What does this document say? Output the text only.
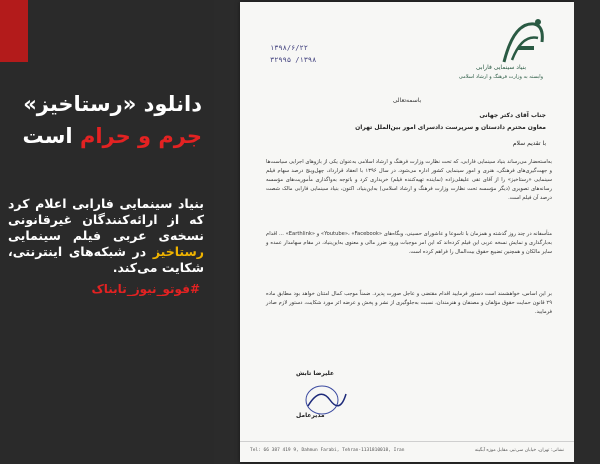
دانلود «رستاخیز»
جرم و حرام است
بنیاد سینمایی فارابی اعلام کرد که از ارائه‌کنندگان غیرقانونی نسخه‌ی عربی فیلم سینمایی رستاخیز در شبکه‌های اینترنتی، شکایت می‌کند.
#فوتو_نیوز_تابناک
بنیاد سینمایی فارابی
وابسته به وزارت فرهنگ و ارشاد اسلامی
۱۳۹۸/۶/۲۲
۳۲۹۹۵ /۱۳۹۸
باسمه‌تعالی
جناب آقای دکتر جهانی
معاون محترم دادستان و سرپرست دادسرای امور بین‌الملل تهران
با تقدیم سلام
به‌استحضار می‌رساند بنیاد سینمایی فارابی، که تحت نظارت وزارت فرهنگ و ارشاد اسلامی به‌عنوان یکی از بازوهای اجرایی سیاست‌ها و جهت‌گیری‌های فرهنگی، هنری و امور سینمایی کشور اداره می‌شود، در سال ۱۳۹۶ با انعقاد قرارداد، چهل‌وپنج درصد سهام فیلم سینمایی «رستاخیز» را از آقای تقی علیقلی‌زاده (نماینده تهیه‌کننده فیلم) خریداری کرد و باتوجه به‌واگذاری مأموریت‌های مؤسسه رسانه‌های تصویری (دیگر مؤسسه تحت نظارت وزارت فرهنگ و ارشاد اسلامی) به‌این‌بنیاد، اکنون، بنیاد سینمایی فارابی مالک شصت درصد آن فیلم است.
متأسفانه در چند روز گذشته و همزمان با تاسوعا و عاشورای حسینی، وبگاه‌های «Youtube»، «Facebook» و «Earthlink» ... اقدام به‌بارگذاری و نمایش نسخه عربی این فیلم کرده‌اند که این امر موجبات ورود ضرر مالی و معنوی به‌این‌بنیاد، در مقام سهامدار عمده و سایر مالکان و همچنین تضییع حقوق بیت‌المال را فراهم کرده است.
بر این اساس، خواهشمند است دستور فرمایید اقدام مقتضی و عاجل صورت پذیرد. ضمناً موجب کمال امتنان خواهد بود مطابق ماده ۲۹ قانون حمایت حقوق مؤلفان و مصنفان و هنرمندان، نسبت به‌جلوگیری از نشر و پخش و عرضه اثر مورد شکایت، دستور لازم صادر فرمایید.
علیرضا تابش
مدیرعامل
Tel: 66 387 419 9, Dahmun Farabi, Tehran-1131810018, Iran	نشانی: تهران، خیابان سی‌تیر، مقابل موزه آبگینه
